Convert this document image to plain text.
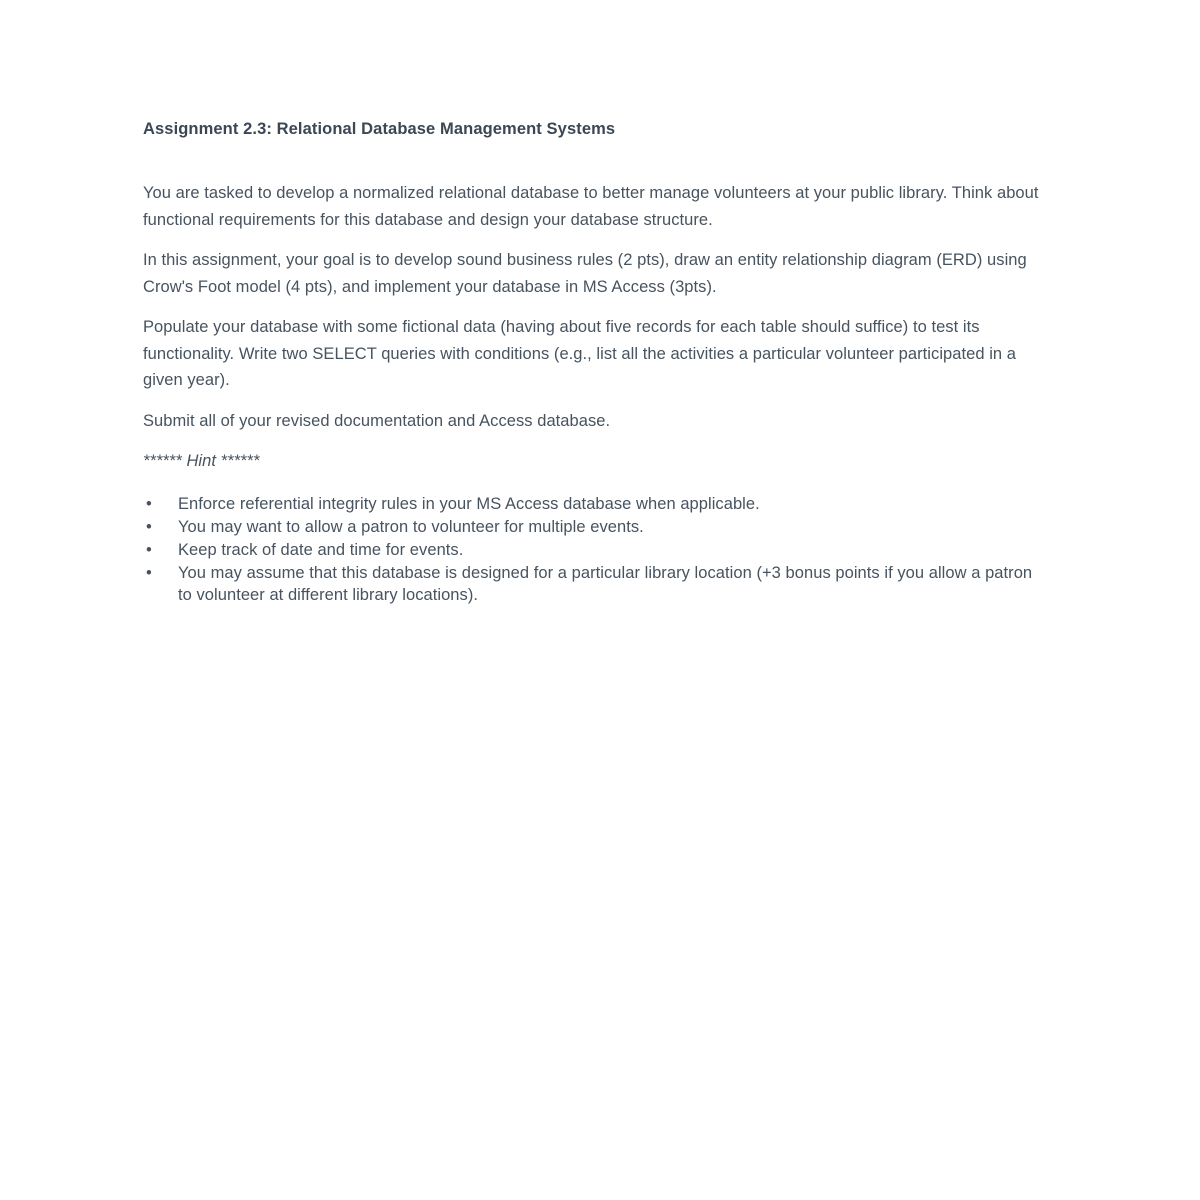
Assignment 2.3: Relational Database Management Systems

You are tasked to develop a normalized relational database to better manage volunteers at your public library. Think about functional requirements for this database and design your database structure.

In this assignment, your goal is to develop sound business rules (2 pts), draw an entity relationship diagram (ERD) using Crow's Foot model (4 pts), and implement your database in MS Access (3pts).

Populate your database with some fictional data (having about five records for each table should suffice) to test its functionality. Write two SELECT queries with conditions (e.g., list all the activities a particular volunteer participated in a given year).

Submit all of your revised documentation and Access database.

****** Hint ******

• Enforce referential integrity rules in your MS Access database when applicable.
• You may want to allow a patron to volunteer for multiple events.
• Keep track of date and time for events.
• You may assume that this database is designed for a particular library location (+3 bonus points if you allow a patron to volunteer at different library locations).
